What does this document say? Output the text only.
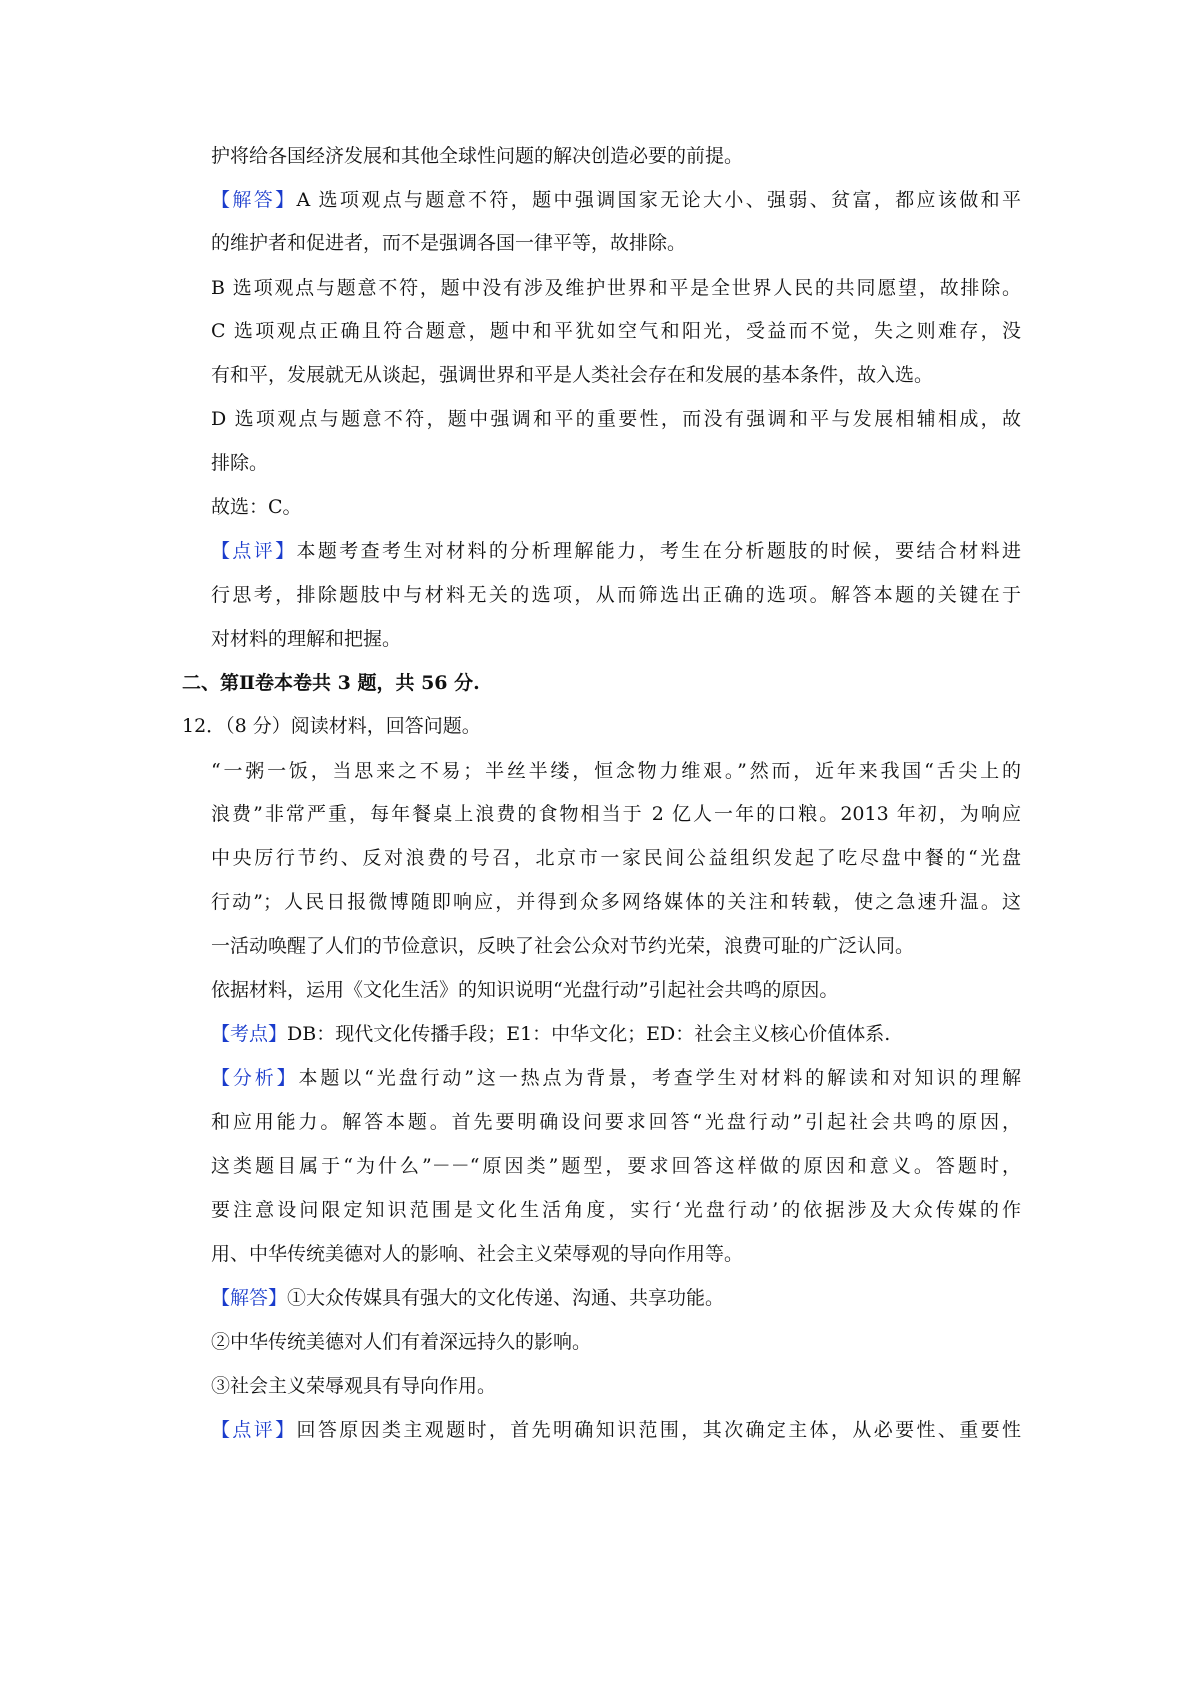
护将给各国经济发展和其他全球性问题的解决创造必要的前提。
【解答】A 选项观点与题意不符，题中强调国家无论大小、强弱、贫富，都应该做和平
的维护者和促进者，而不是强调各国一律平等，故排除。
B 选项观点与题意不符，题中没有涉及维护世界和平是全世界人民的共同愿望，故排除。
C 选项观点正确且符合题意，题中和平犹如空气和阳光，受益而不觉，失之则难存，没
有和平，发展就无从谈起，强调世界和平是人类社会存在和发展的基本条件，故入选。
D 选项观点与题意不符，题中强调和平的重要性，而没有强调和平与发展相辅相成，故
排除。
故选：C。
【点评】本题考查考生对材料的分析理解能力，考生在分析题肢的时候，要结合材料进
行思考，排除题肢中与材料无关的选项，从而筛选出正确的选项。解答本题的关键在于
对材料的理解和把握。
二、第Ⅱ卷本卷共 3 题，共 56 分.
12．（8 分）阅读材料，回答问题。
“一粥一饭，当思来之不易；半丝半缕，恒念物力维艰。”然而，近年来我国“舌尖上的
浪费”非常严重，每年餐桌上浪费的食物相当于 2 亿人一年的口粮。2013 年初，为响应
中央厉行节约、反对浪费的号召，北京市一家民间公益组织发起了吃尽盘中餐的“光盘
行动”；人民日报微博随即响应，并得到众多网络媒体的关注和转载，使之急速升温。这
一活动唤醒了人们的节俭意识，反映了社会公众对节约光荣，浪费可耻的广泛认同。
依据材料，运用《文化生活》的知识说明“光盘行动”引起社会共鸣的原因。
【考点】DB：现代文化传播手段；E1：中华文化；ED：社会主义核心价值体系.
【分析】本题以“光盘行动”这一热点为背景，考查学生对材料的解读和对知识的理解
和应用能力。解答本题。首先要明确设问要求回答“光盘行动”引起社会共鸣的原因，
这类题目属于“为什么”－－“原因类”题型，要求回答这样做的原因和意义。答题时，
要注意设问限定知识范围是文化生活角度，实行‘光盘行动’的依据涉及大众传媒的作
用、中华传统美德对人的影响、社会主义荣辱观的导向作用等。
【解答】①大众传媒具有强大的文化传递、沟通、共享功能。
②中华传统美德对人们有着深远持久的影响。
③社会主义荣辱观具有导向作用。
【点评】回答原因类主观题时，首先明确知识范围，其次确定主体，从必要性、重要性
